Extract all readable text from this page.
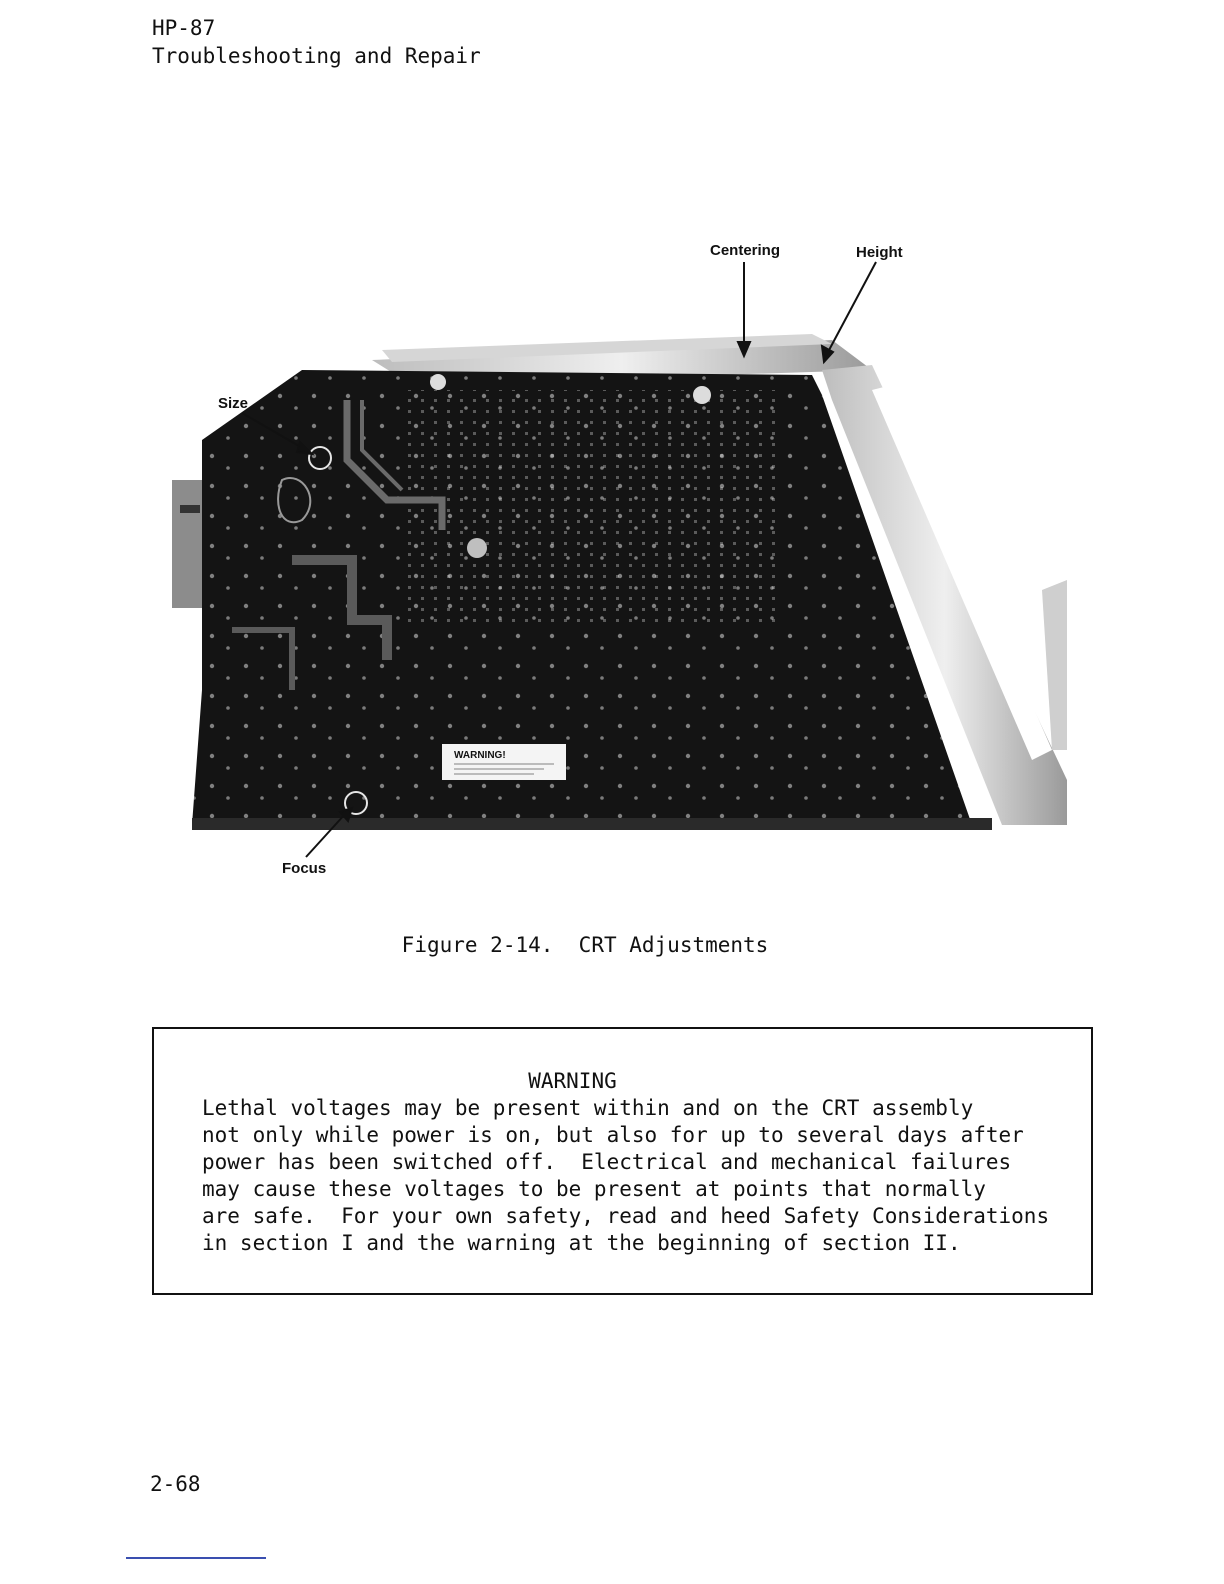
HP-87
Troubleshooting and Repair
Centering	Height
Size
Focus
WARNING!
Figure 2-14.  CRT Adjustments
WARNING
Lethal voltages may be present within and on the CRT assembly
not only while power is on, but also for up to several days after
power has been switched off.  Electrical and mechanical failures
may cause these voltages to be present at points that normally
are safe.  For your own safety, read and heed Safety Considerations
in section I and the warning at the beginning of section II.
2-68
